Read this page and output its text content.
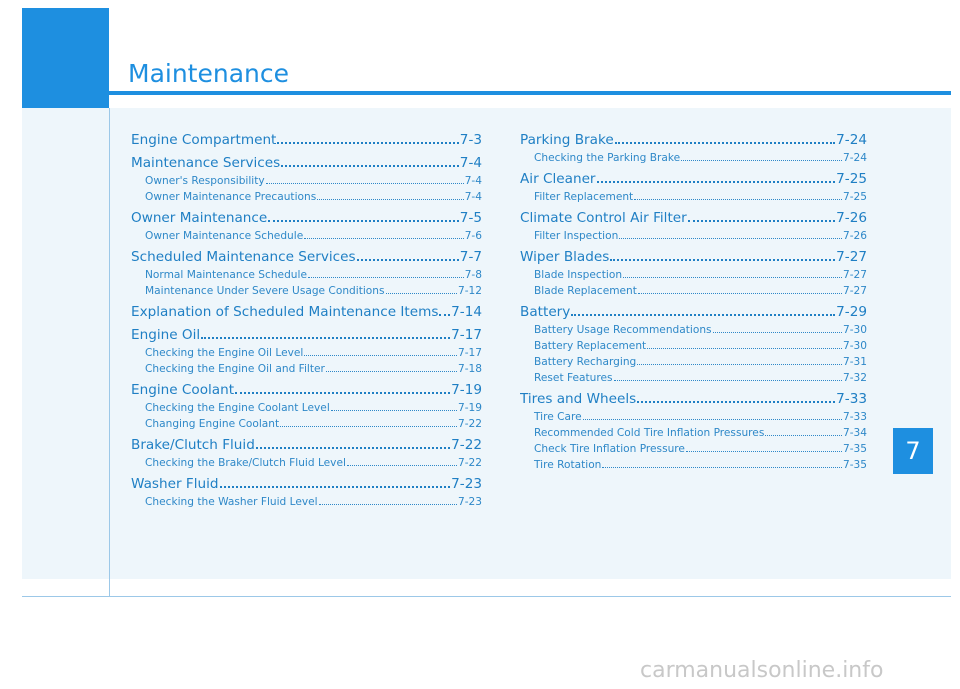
Maintenance
Engine Compartment	7-3
Maintenance Services	7-4
Owner's Responsibility	7-4
Owner Maintenance Precautions	7-4
Owner Maintenance	7-5
Owner Maintenance Schedule	7-6
Scheduled Maintenance Services	7-7
Normal Maintenance Schedule	7-8
Maintenance Under Severe Usage Conditions	7-12
Explanation of Scheduled Maintenance Items 7-14
Engine Oil	7-17
Checking the Engine Oil Level	7-17
Checking the Engine Oil and Filter	7-18
Engine Coolant	7-19
Checking the Engine Coolant Level	7-19
Changing Engine Coolant	7-22
Brake/Clutch Fluid	7-22
Checking the Brake/Clutch Fluid Level	7-22
Washer Fluid	7-23
Checking the Washer Fluid Level	7-23
Parking Brake	7-24
Checking the Parking Brake	7-24
Air Cleaner	7-25
Filter Replacement	7-25
Climate Control Air Filter	7-26
Filter Inspection	7-26
Wiper Blades	7-27
Blade Inspection	7-27
Blade Replacement	7-27
Battery	7-29
Battery Usage Recommendations	7-30
Battery Replacement	7-30
Battery Recharging	7-31
Reset Features	7-32
Tires and Wheels	7-33
Tire Care	7-33
Recommended Cold Tire Inflation Pressures	7-34
Check Tire Inflation Pressure	7-35
Tire Rotation	7-35	7
carmanualsonline.info
